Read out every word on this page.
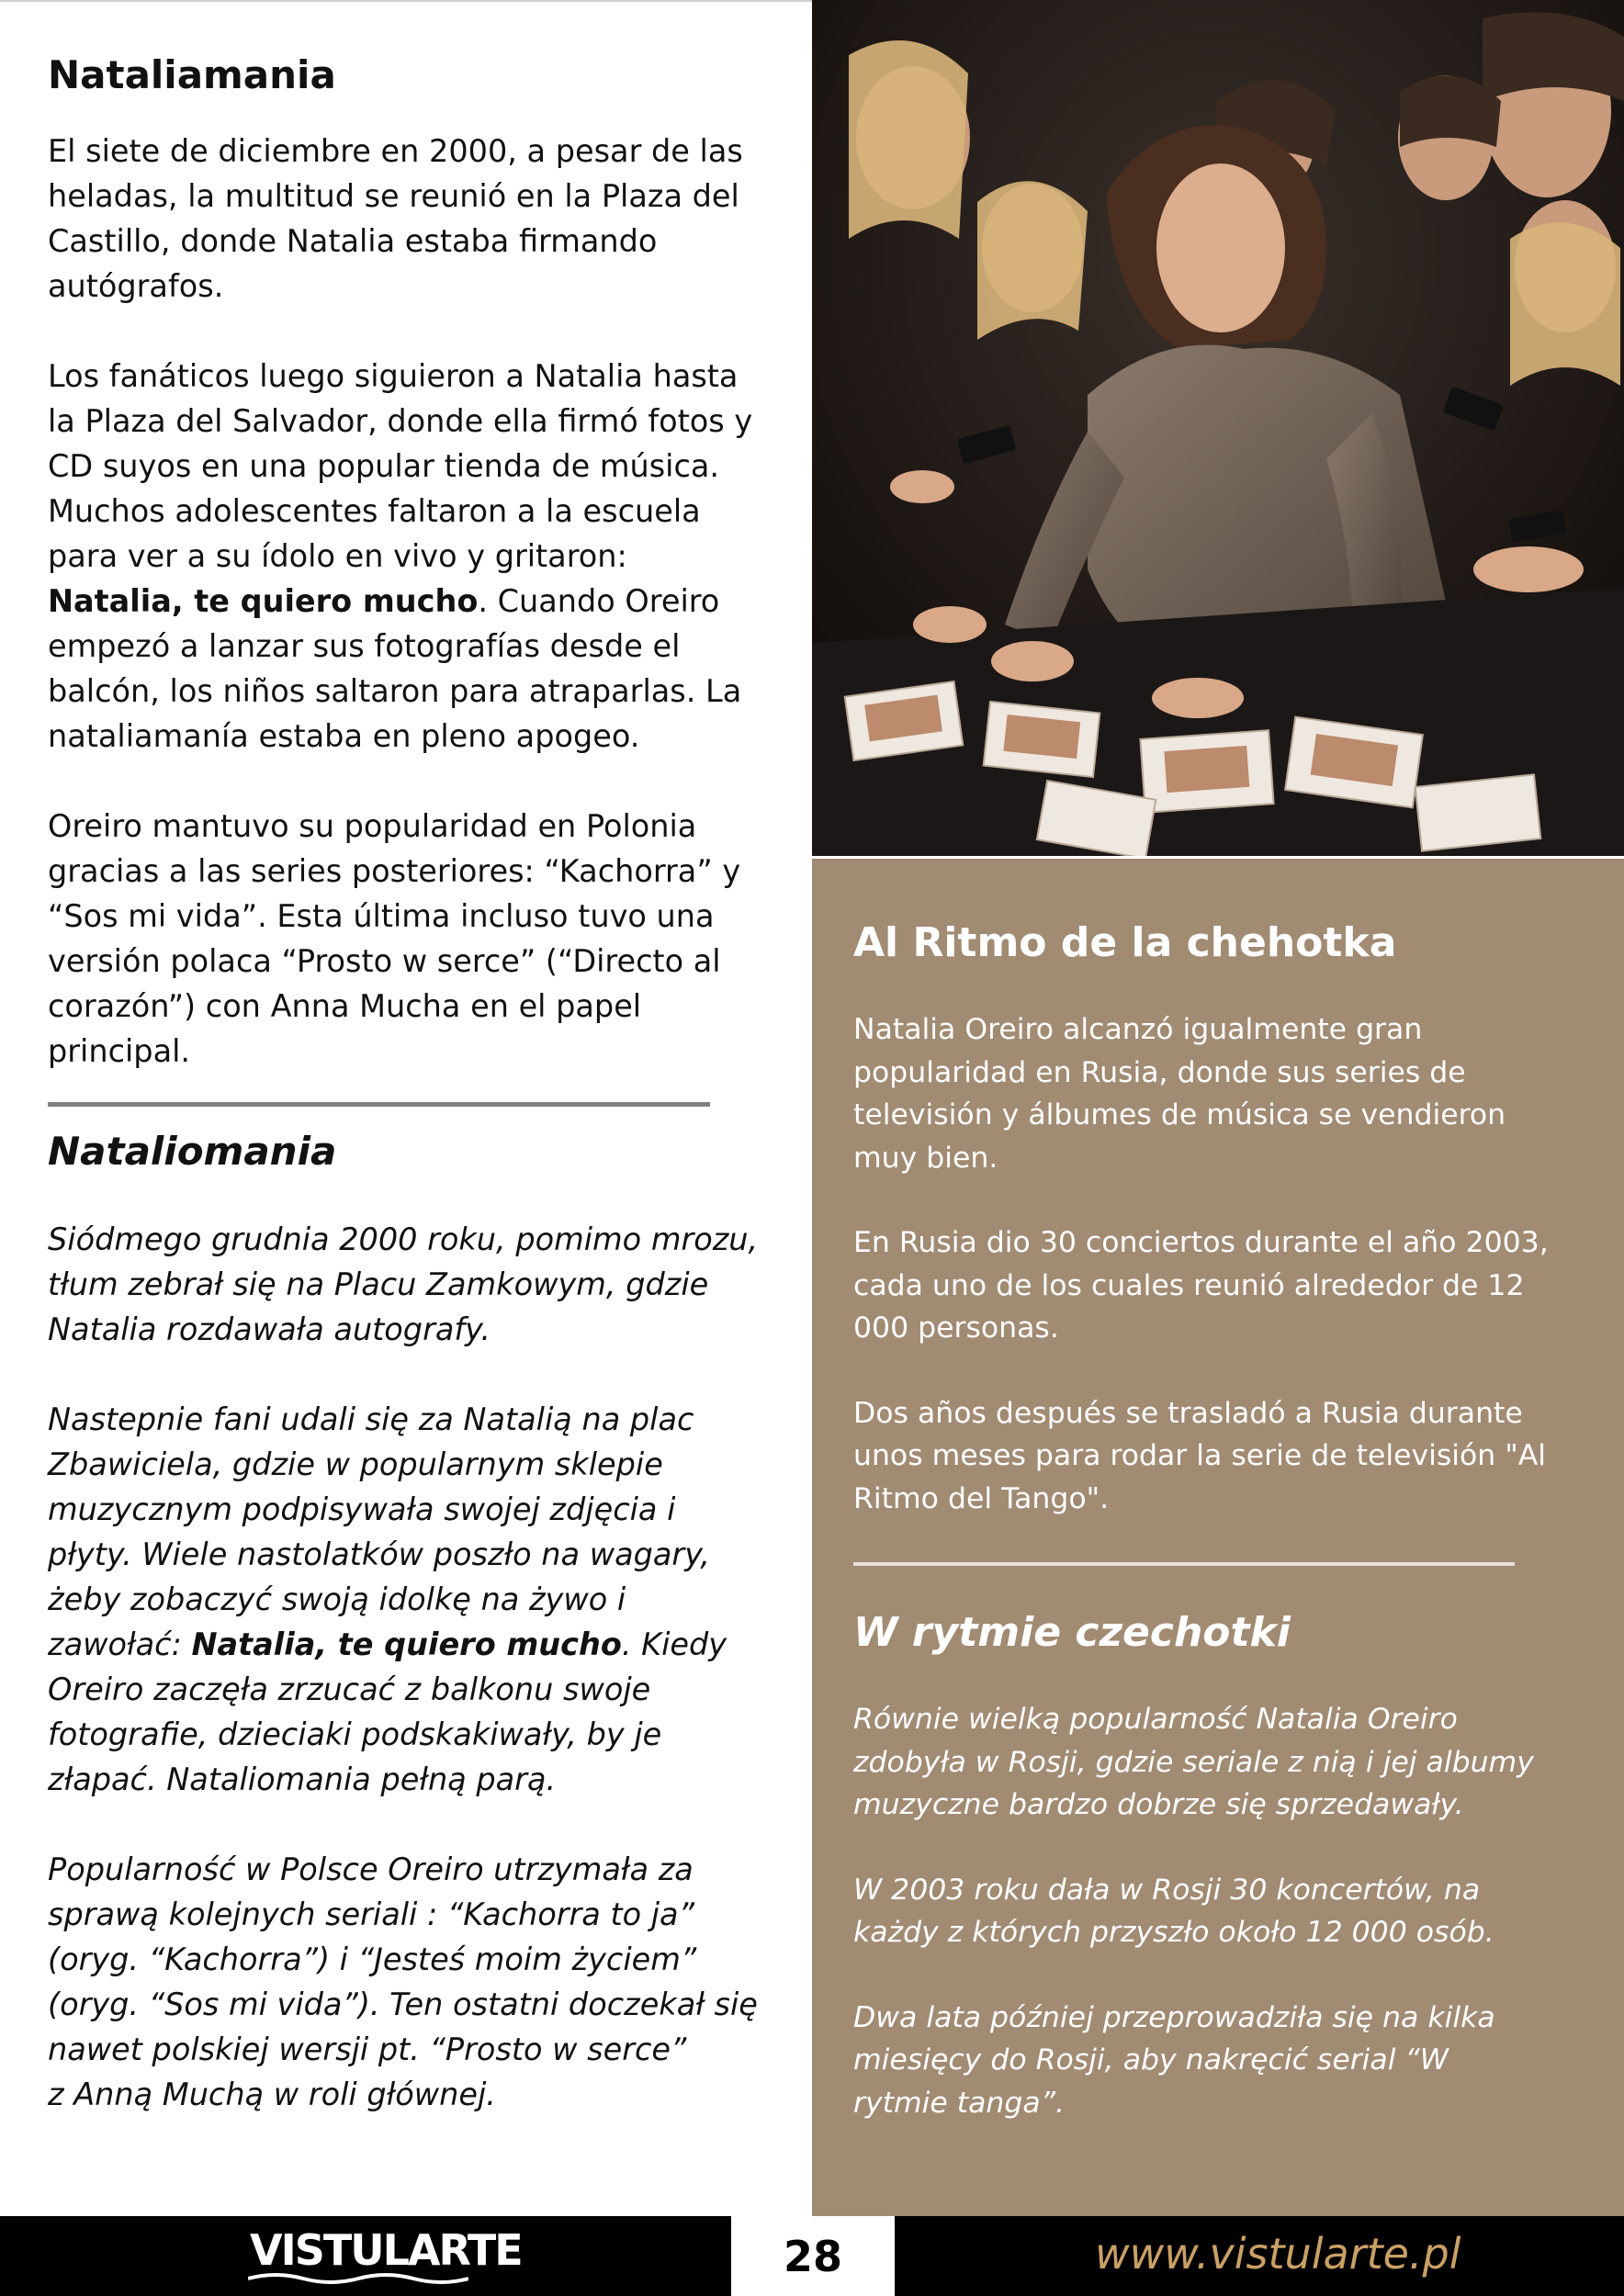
Nataliamania

El siete de diciembre en 2000, a pesar de las heladas, la multitud se reunió en la Plaza del Castillo, donde Natalia estaba firmando autógrafos.

Los fanáticos luego siguieron a Natalia hasta la Plaza del Salvador, donde ella firmó fotos y CD suyos en una popular tienda de música. Muchos adolescentes faltaron a la escuela para ver a su ídolo en vivo y gritaron: Natalia, te quiero mucho. Cuando Oreiro empezó a lanzar sus fotografías desde el balcón, los niños saltaron para atraparlas. La nataliamanía estaba en pleno apogeo.

Oreiro mantuvo su popularidad en Polonia gracias a las series posteriores: “Kachorra” y “Sos mi vida”. Esta última incluso tuvo una versión polaca “Prosto w serce” (“Directo al corazón”) con Anna Mucha en el papel principal.

Nataliomania

Siódmego grudnia 2000 roku, pomimo mrozu, tłum zebrał się na Placu Zamkowym, gdzie Natalia rozdawała autografy.

Nastepnie fani udali się za Natalią na plac Zbawiciela, gdzie w popularnym sklepie muzycznym podpisywała swojej zdjęcia i płyty. Wiele nastolatków poszło na wagary, żeby zobaczyć swoją idolkę na żywo i zawołać: Natalia, te quiero mucho. Kiedy Oreiro zaczęła zrzucać z balkonu swoje fotografie, dzieciaki podskakiwały, by je złapać. Nataliomania pełną parą.

Popularność w Polsce Oreiro utrzymała za sprawą kolejnych seriali : “Kachorra to ja” (oryg. “Kachorra”) i “Jesteś moim życiem” (oryg. “Sos mi vida”). Ten ostatni doczekał się nawet polskiej wersji pt. “Prosto w serce”
z Anną Muchą w roli głównej.

Al Ritmo de la chehotka

Natalia Oreiro alcanzó igualmente gran popularidad en Rusia, donde sus series de televisión y álbumes de música se vendieron muy bien.

En Rusia dio 30 conciertos durante el año 2003, cada uno de los cuales reunió alrededor de 12 000 personas.

Dos años después se trasladó a Rusia durante unos meses para rodar la serie de televisión "Al Ritmo del Tango".

W rytmie czechotki

Równie wielką popularność Natalia Oreiro zdobyła w Rosji, gdzie seriale z nią i jej albumy muzyczne bardzo dobrze się sprzedawały.

W 2003 roku dała w Rosji 30 koncertów, na każdy z których przyszło około 12 000 osób.

Dwa lata później przeprowadziła się na kilka miesięcy do Rosji, aby nakręcić serial “W rytmie tanga”.

VISTULARTE	28	www.vistularte.pl
